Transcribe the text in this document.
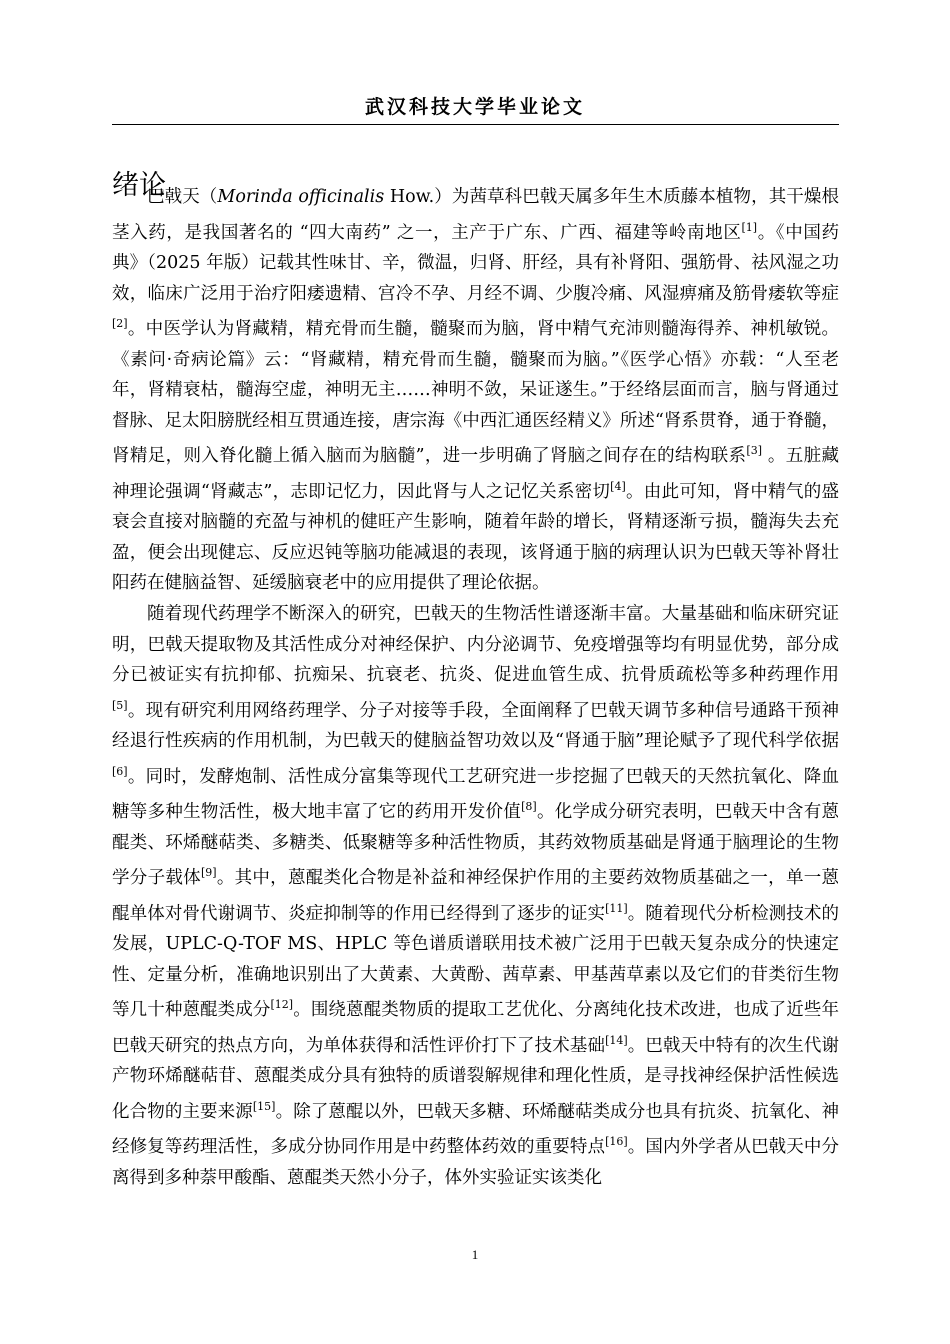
武汉科技大学毕业论文
绪论

巴戟天（Morinda officinalis How.）为茜草科巴戟天属多年生木质藤本植物，其干燥根茎入药，是我国著名的 “四大南药” 之一，主产于广东、广西、福建等岭南地区[1]。《中国药典》（2025 年版）记载其性味甘、辛，微温，归肾、肝经，具有补肾阳、强筋骨、祛风湿之功效，临床广泛用于治疗阳痿遗精、宫冷不孕、月经不调、少腹冷痛、风湿痹痛及筋骨痿软等症[2]。中医学认为肾藏精，精充骨而生髓，髓聚而为脑，肾中精气充沛则髓海得养、神机敏锐。《素问·奇病论篇》云：“肾藏精，精充骨而生髓，髓聚而为脑。”《医学心悟》亦载：“人至老年，肾精衰枯，髓海空虚，神明无主……神明不敛，呆证遂生。”于经络层面而言，脑与肾通过督脉、足太阳膀胱经相互贯通连接，唐宗海《中西汇通医经精义》所述“肾系贯脊，通于脊髓，肾精足，则入脊化髓上循入脑而为脑髓”，进一步明确了肾脑之间存在的结构联系[3] 。五脏藏神理论强调“肾藏志”，志即记忆力，因此肾与人之记忆关系密切[4]。由此可知，肾中精气的盛衰会直接对脑髓的充盈与神机的健旺产生影响，随着年龄的增长，肾精逐渐亏损，髓海失去充盈，便会出现健忘、反应迟钝等脑功能减退的表现，该肾通于脑的病理认识为巴戟天等补肾壮阳药在健脑益智、延缓脑衰老中的应用提供了理论依据。

随着现代药理学不断深入的研究，巴戟天的生物活性谱逐渐丰富。大量基础和临床研究证明，巴戟天提取物及其活性成分对神经保护、内分泌调节、免疫增强等均有明显优势，部分成分已被证实有抗抑郁、抗痴呆、抗衰老、抗炎、促进血管生成、抗骨质疏松等多种药理作用[5]。现有研究利用网络药理学、分子对接等手段，全面阐释了巴戟天调节多种信号通路干预神经退行性疾病的作用机制，为巴戟天的健脑益智功效以及“肾通于脑”理论赋予了现代科学依据[6]。同时，发酵炮制、活性成分富集等现代工艺研究进一步挖掘了巴戟天的天然抗氧化、降血糖等多种生物活性，极大地丰富了它的药用开发价值[8]。化学成分研究表明，巴戟天中含有蒽醌类、环烯醚萜类、多糖类、低聚糖等多种活性物质，其药效物质基础是肾通于脑理论的生物学分子载体[9]。其中，蒽醌类化合物是补益和神经保护作用的主要药效物质基础之一，单一蒽醌单体对骨代谢调节、炎症抑制等的作用已经得到了逐步的证实[11]。随着现代分析检测技术的发展，UPLC-Q-TOF MS、HPLC 等色谱质谱联用技术被广泛用于巴戟天复杂成分的快速定性、定量分析，准确地识别出了大黄素、大黄酚、茜草素、甲基茜草素以及它们的苷类衍生物等几十种蒽醌类成分[12]。围绕蒽醌类物质的提取工艺优化、分离纯化技术改进，也成了近些年巴戟天研究的热点方向，为单体获得和活性评价打下了技术基础[14]。巴戟天中特有的次生代谢产物环烯醚萜苷、蒽醌类成分具有独特的质谱裂解规律和理化性质，是寻找神经保护活性候选化合物的主要来源[15]。除了蒽醌以外，巴戟天多糖、环烯醚萜类成分也具有抗炎、抗氧化、神经修复等药理活性，多成分协同作用是中药整体药效的重要特点[16]。国内外学者从巴戟天中分离得到多种萘甲酸酯、蒽醌类天然小分子，体外实验证实该类化

1
